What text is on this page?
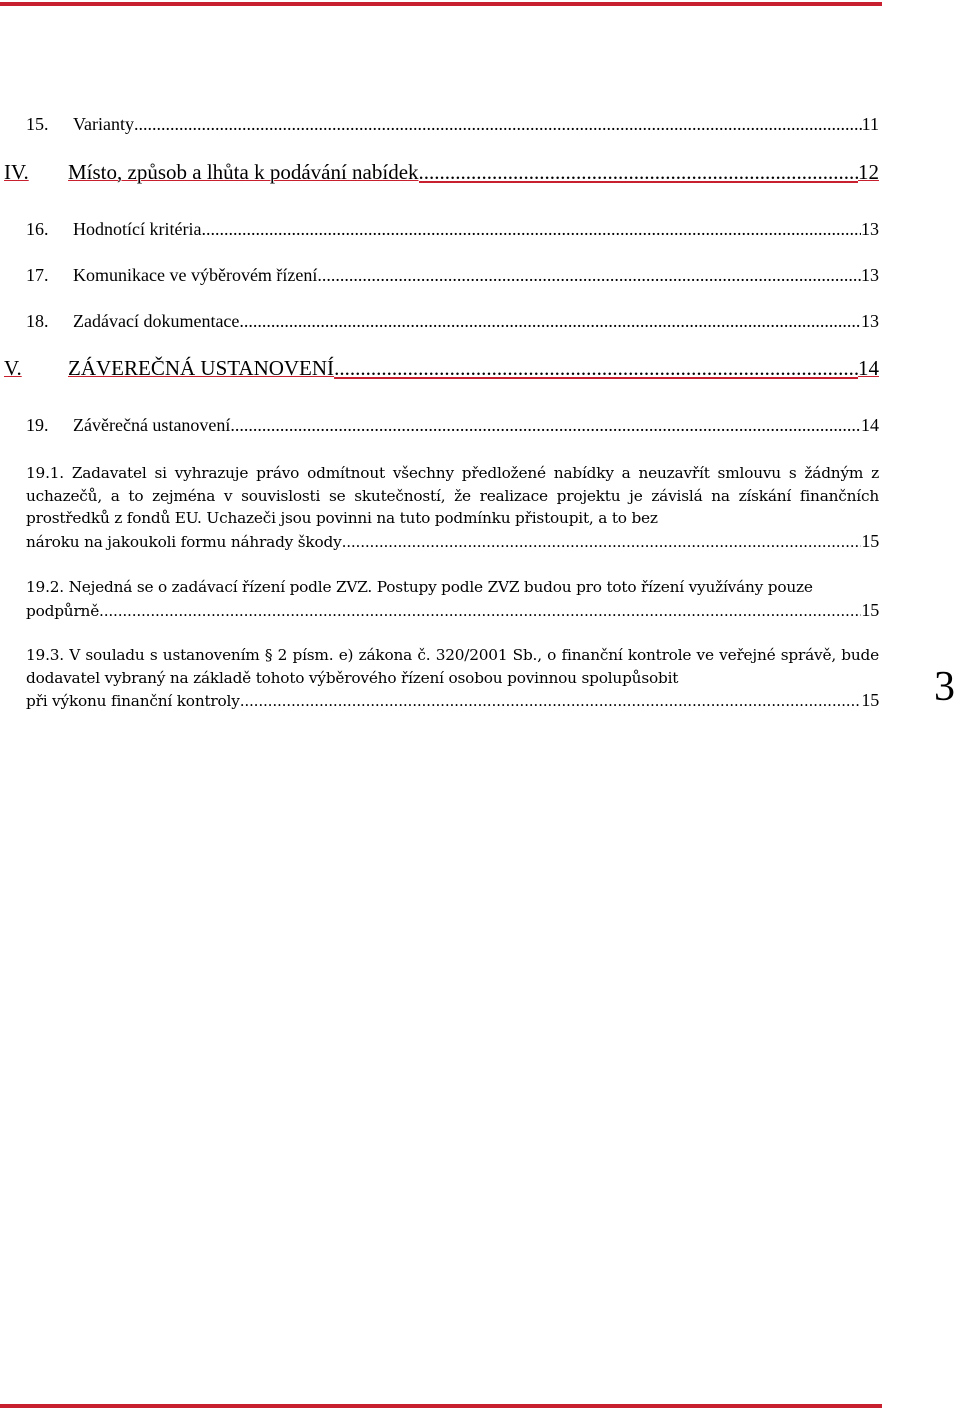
15.	Varianty .....	11
IV.	Místo, způsob a lhůta k podávání nabídek .....	12
16.	Hodnotící kritéria .....	13
17.	Komunikace ve výběrovém řízení .....	13
18.	Zadávací dokumentace .....	13
V.	ZÁVEREČNÁ USTANOVENÍ .....	14
19.	Závěrečná ustanovení .....	14
19.1. Zadavatel si vyhrazuje právo odmítnout všechny předložené nabídky a neuzavřít smlouvu s žádným z uchazečů, a to zejména v souvislosti se skutečností, že realizace projektu je závislá na získání finančních prostředků z fondů EU. Uchazeči jsou povinni na tuto podmínku přistoupit, a to bez
nároku na jakoukoli formu náhrady škody .....	15
19.2. Nejedná se o zadávací řízení podle ZVZ. Postupy podle ZVZ budou pro toto řízení využívány pouze
podpůrně. .....	15
19.3. V souladu s ustanovením § 2 písm. e) zákona č. 320/2001 Sb., o finanční kontrole ve veřejné správě, bude dodavatel vybraný na základě tohoto výběrového řízení osobou povinnou spolupůsobit
při výkonu finanční kontroly .....	15 3
